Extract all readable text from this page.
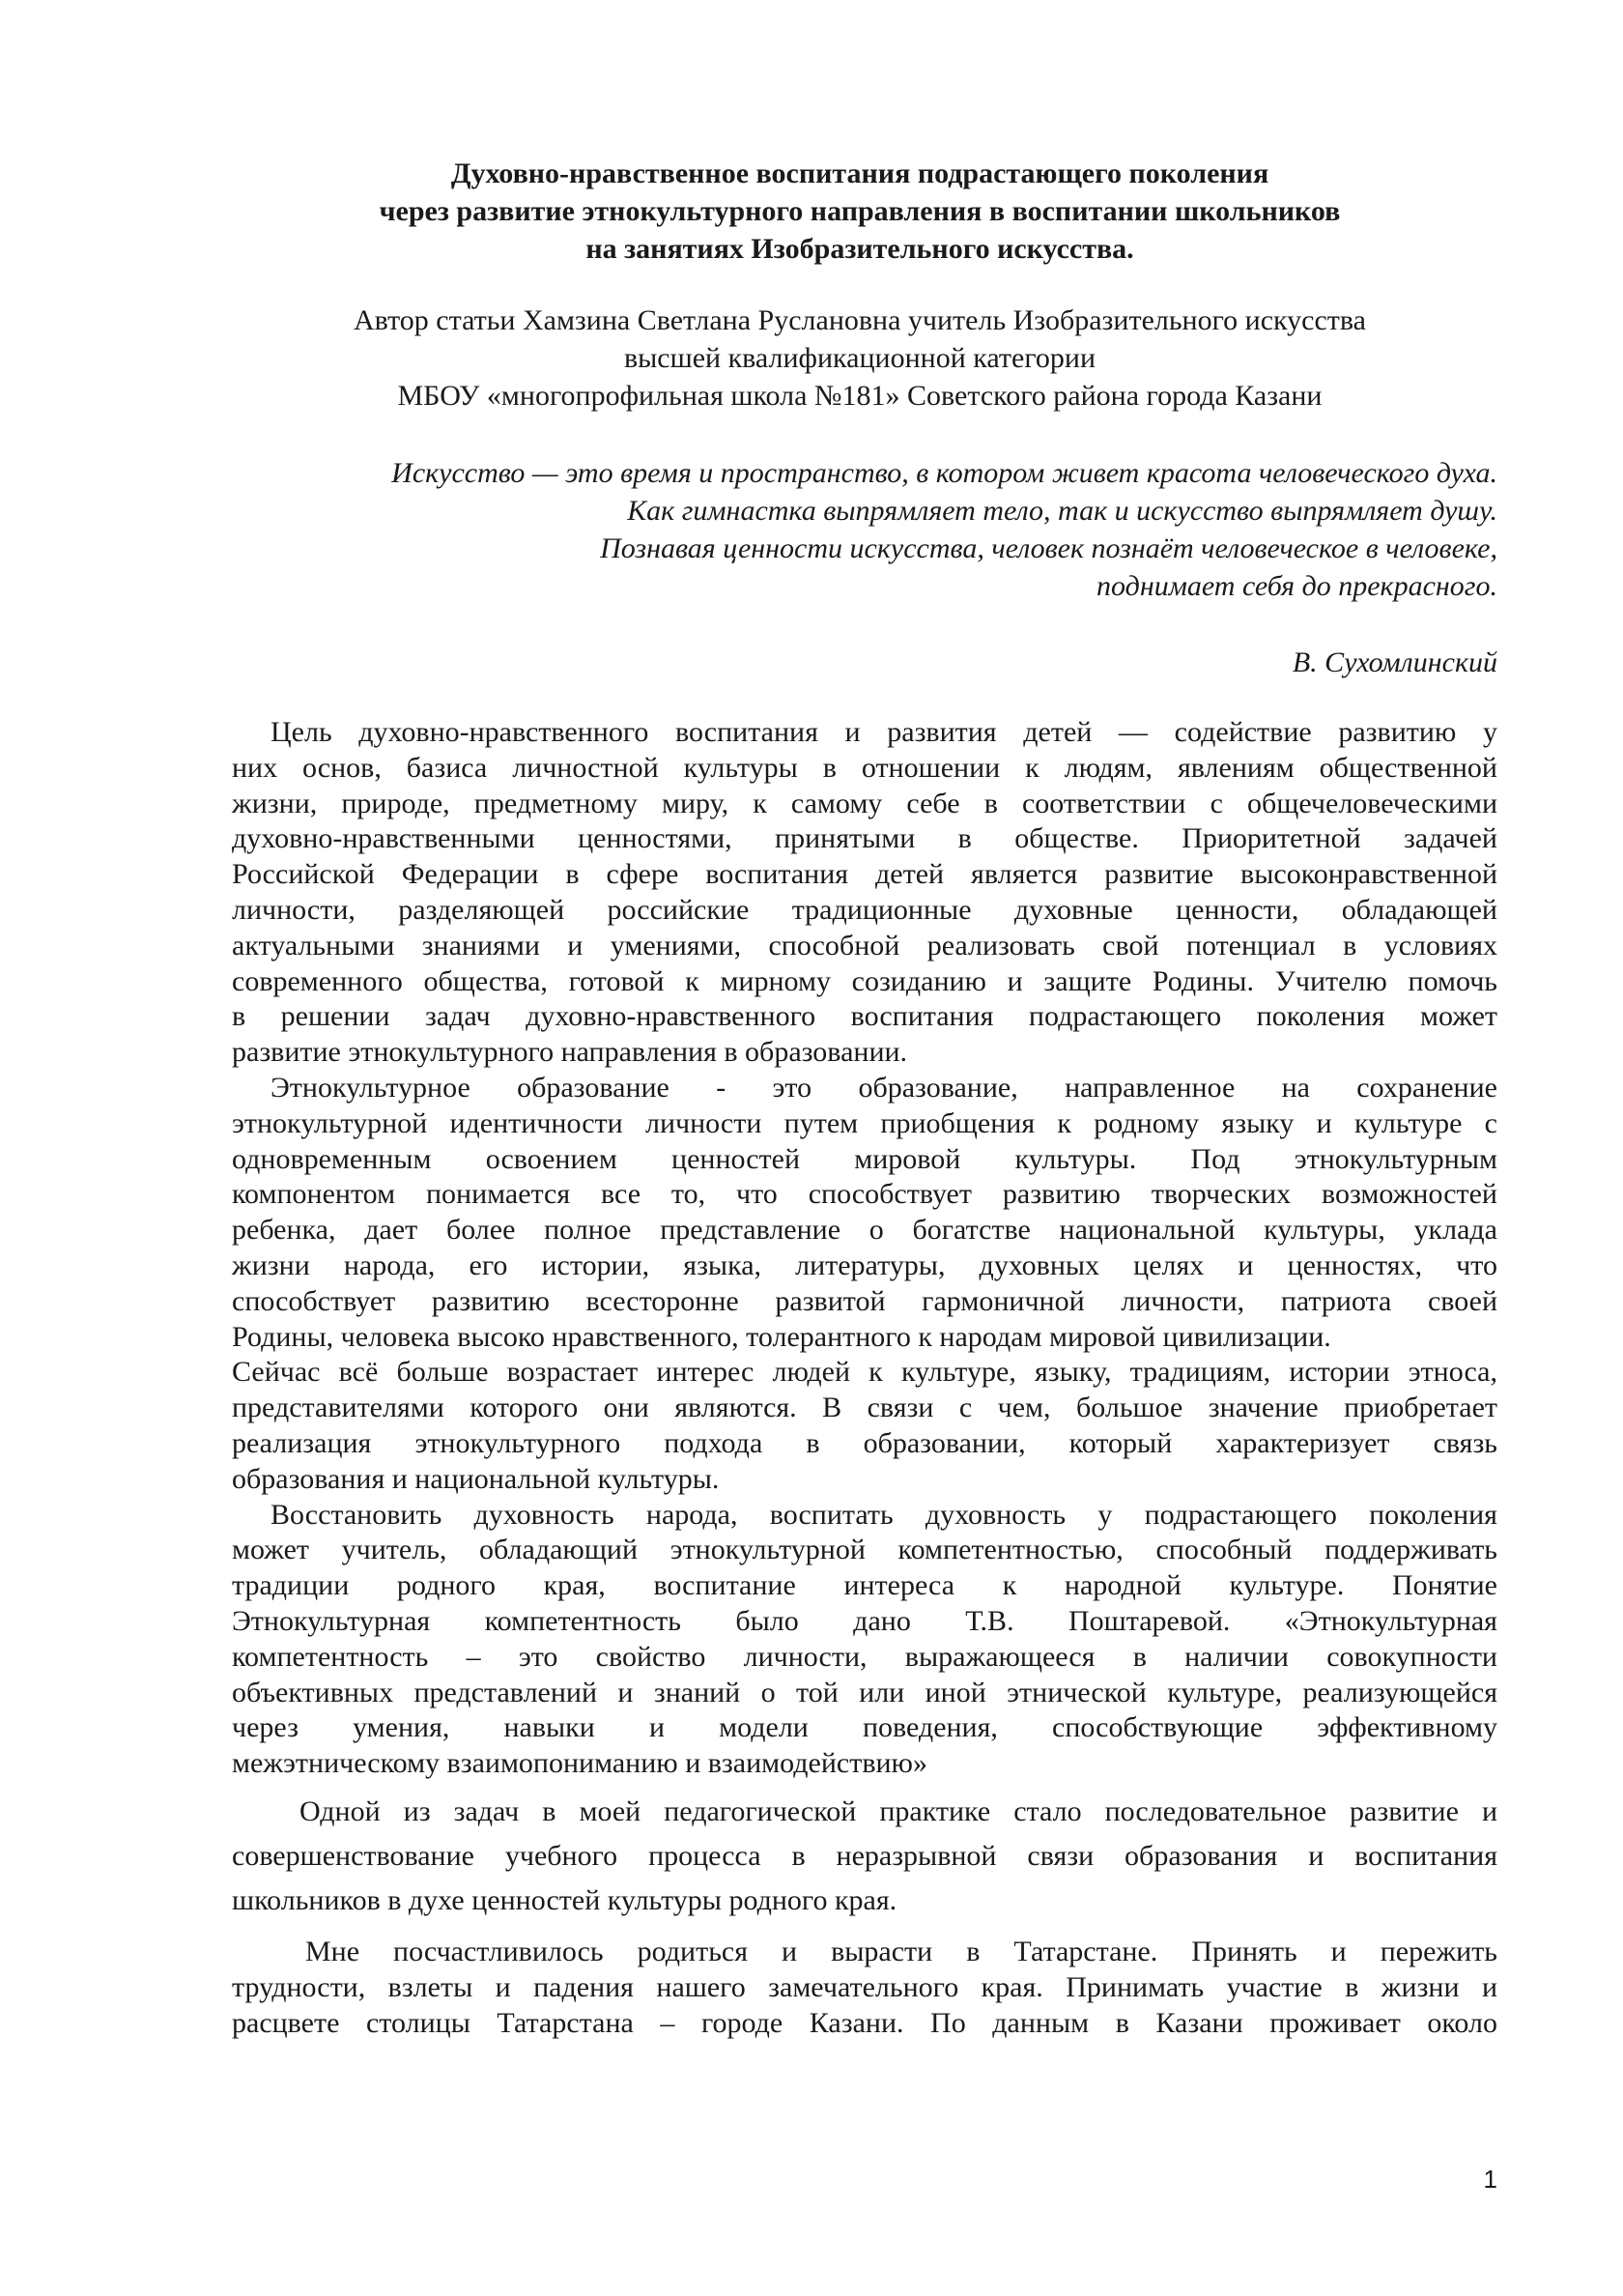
Духовно-нравственное воспитания подрастающего поколения
через развитие этнокультурного направления в воспитании школьников
на занятиях Изобразительного искусства.
Автор статьи Хамзина Светлана Руслановна учитель Изобразительного искусства
высшей квалификационной категории
МБОУ «многопрофильная школа №181» Советского района города Казани
Искусство — это время и пространство, в котором живет красота человеческого духа.
Как гимнастка выпрямляет тело, так и искусство выпрямляет душу.
Познавая ценности искусства, человек познаёт человеческое в человеке,
поднимает себя до прекрасного.
В. Сухомлинский
Цель духовно-нравственного воспитания и развития детей — содействие развитию у
них основ, базиса личностной культуры в отношении к людям, явлениям общественной
жизни, природе, предметному миру, к самому себе в соответствии с общечеловеческими
духовно-нравственными ценностями, принятыми в обществе. Приоритетной задачей
Российской Федерации в сфере воспитания детей является развитие высоконравственной
личности, разделяющей российские традиционные духовные ценности, обладающей
актуальными знаниями и умениями, способной реализовать свой потенциал в условиях
современного общества, готовой к мирному созиданию и защите Родины. Учителю помочь
в решении задач духовно-нравственного воспитания подрастающего поколения может
развитие этнокультурного направления в образовании.
Этнокультурное образование - это образование, направленное на сохранение
этнокультурной идентичности личности путем приобщения к родному языку и культуре с
одновременным освоением ценностей мировой культуры. Под этнокультурным
компонентом понимается все то, что способствует развитию творческих возможностей
ребенка, дает более полное представление о богатстве национальной культуры, уклада
жизни народа, его истории, языка, литературы, духовных целях и ценностях, что
способствует развитию всесторонне развитой гармоничной личности, патриота своей
Родины, человека высоко нравственного, толерантного к народам мировой цивилизации.
Сейчас всё больше возрастает интерес людей к культуре, языку, традициям, истории этноса,
представителями которого они являются. В связи с чем, большое значение приобретает
реализация этнокультурного подхода в образовании, который характеризует связь
образования и национальной культуры.
Восстановить духовность народа, воспитать духовность у подрастающего поколения
может учитель, обладающий этнокультурной компетентностью, способный поддерживать
традиции родного края, воспитание интереса к народной культуре. Понятие
Этнокультурная компетентность было дано Т.В. Поштаревой. «Этнокультурная
компетентность – это свойство личности, выражающееся в наличии совокупности
объективных представлений и знаний о той или иной этнической культуре, реализующейся
через умения, навыки и модели поведения, способствующие эффективному
межэтническому взаимопониманию и взаимодействию»
Одной из задач в моей педагогической практике стало последовательное развитие и
совершенствование учебного процесса в неразрывной связи образования и воспитания
школьников в духе ценностей культуры родного края.
Мне посчастливилось родиться и вырасти в Татарстане. Принять и пережить
трудности, взлеты и падения нашего замечательного края. Принимать участие в жизни и
расцвете столицы Татарстана – городе Казани. По данным в Казани проживает около
1
